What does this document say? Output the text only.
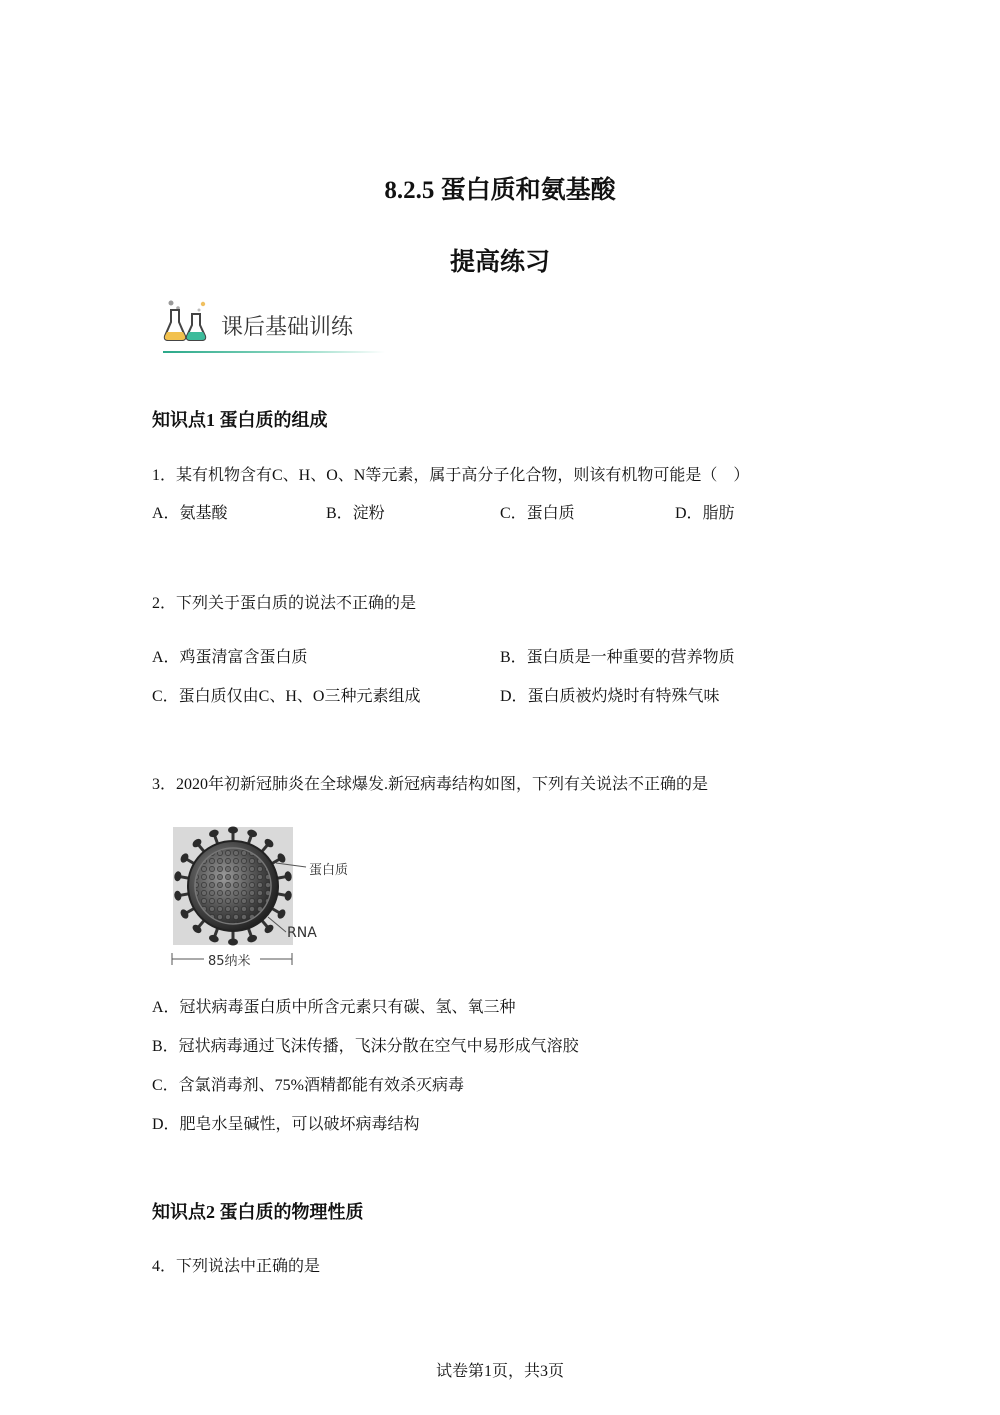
8.2.5 蛋白质和氨基酸
提高练习
课后基础训练
知识点1 蛋白质的组成
1．某有机物含有C、H、O、N等元素，属于高分子化合物，则该有机物可能是（　）
A．氨基酸	B．淀粉	C．蛋白质	D．脂肪
2．下列关于蛋白质的说法不正确的是
A．鸡蛋清富含蛋白质	B．蛋白质是一种重要的营养物质
C．蛋白质仅由C、H、O三种元素组成	D．蛋白质被灼烧时有特殊气味
3．2020年初新冠肺炎在全球爆发.新冠病毒结构如图，下列有关说法不正确的是
蛋白质
RNA
85纳米
A．冠状病毒蛋白质中所含元素只有碳、氢、氧三种
B．冠状病毒通过飞沫传播，飞沫分散在空气中易形成气溶胶
C．含氯消毒剂、75%酒精都能有效杀灭病毒
D．肥皂水呈碱性，可以破坏病毒结构
知识点2 蛋白质的物理性质
4．下列说法中正确的是
试卷第1页，共3页
